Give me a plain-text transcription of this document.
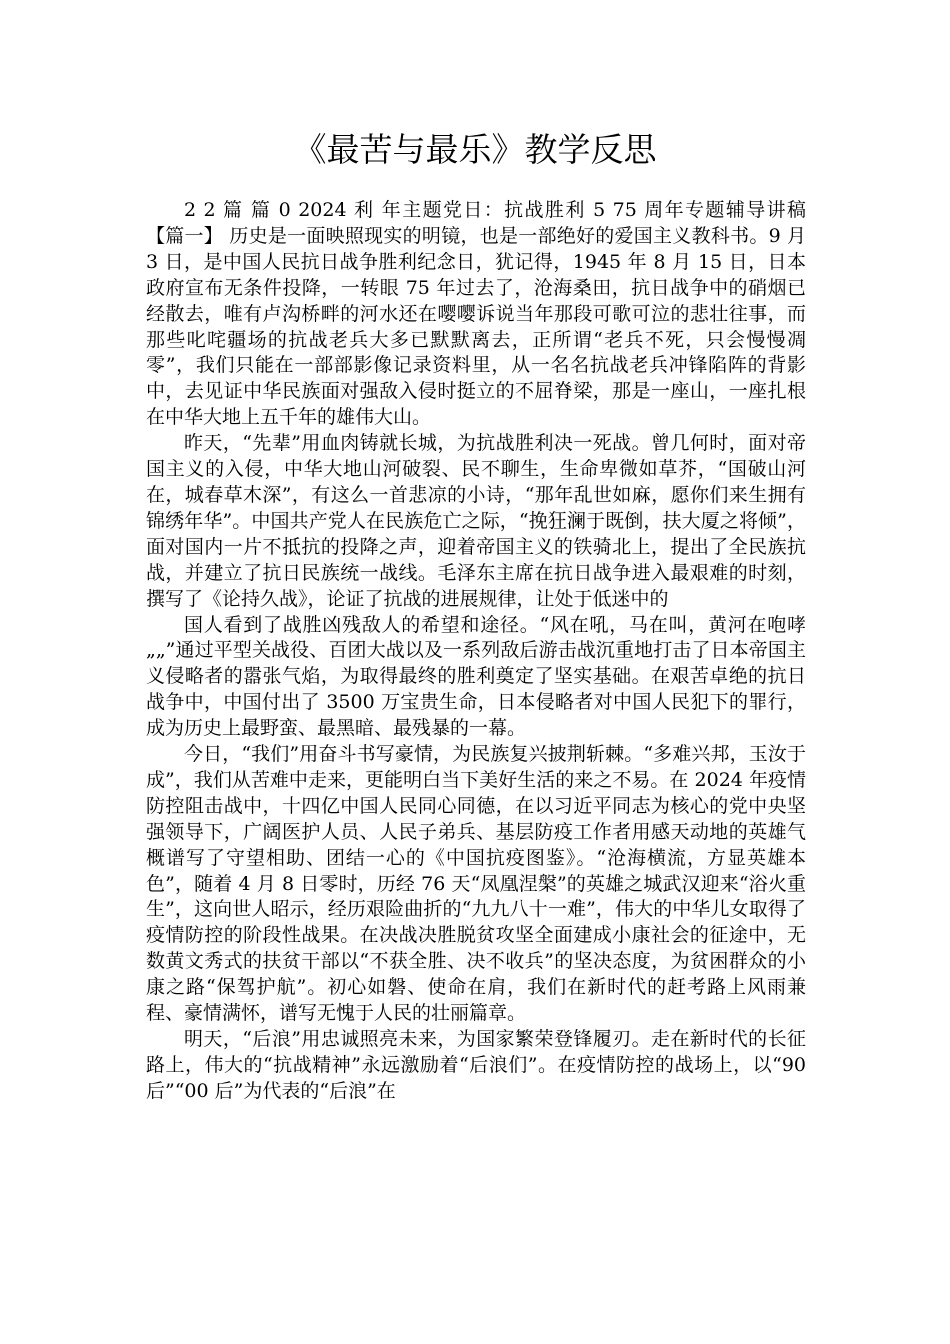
《最苦与最乐》教学反思

2 2 篇 篇 0 2024 利 年主题党日：抗战胜利 5 75 周年专题辅导讲稿　【篇一】 历史是一面映照现实的明镜，也是一部绝好的爱国主义教科书。9 月 3 日，是中国人民抗日战争胜利纪念日，犹记得，1945 年 8 月 15 日，日本政府宣布无条件投降，一转眼 75 年过去了，沧海桑田，抗日战争中的硝烟已经散去，唯有卢沟桥畔的河水还在嘤嘤诉说当年那段可歌可泣的悲壮往事，而那些叱咤疆场的抗战老兵大多已默默离去，正所谓“老兵不死，只会慢慢凋零”，我们只能在一部部影像记录资料里，从一名名抗战老兵冲锋陷阵的背影中，去见证中华民族面对强敌入侵时挺立的不屈脊梁，那是一座山，一座扎根在中华大地上五千年的雄伟大山。

昨天，“先辈”用血肉铸就长城，为抗战胜利决一死战。曾几何时，面对帝国主义的入侵，中华大地山河破裂、民不聊生，生命卑微如草芥，“国破山河在，城春草木深”，有这么一首悲凉的小诗，“那年乱世如麻，愿你们来生拥有锦绣年华”。中国共产党人在民族危亡之际，“挽狂澜于既倒，扶大厦之将倾”，面对国内一片不抵抗的投降之声，迎着帝国主义的铁骑北上，提出了全民族抗战，并建立了抗日民族统一战线。毛泽东主席在抗日战争进入最艰难的时刻，撰写了《论持久战》，论证了抗战的进展规律，让处于低迷中的

国人看到了战胜凶残敌人的希望和途径。“风在吼，马在叫，黄河在咆哮„„”通过平型关战役、百团大战以及一系列敌后游击战沉重地打击了日本帝国主义侵略者的嚣张气焰，为取得最终的胜利奠定了坚实基础。在艰苦卓绝的抗日战争中，中国付出了 3500 万宝贵生命，日本侵略者对中国人民犯下的罪行，成为历史上最野蛮、最黑暗、最残暴的一幕。

今日，“我们”用奋斗书写豪情，为民族复兴披荆斩棘。“多难兴邦，玉汝于成”，我们从苦难中走来，更能明白当下美好生活的来之不易。在 2024 年疫情防控阻击战中，十四亿中国人民同心同德，在以习近平同志为核心的党中央坚强领导下，广阔医护人员、人民子弟兵、基层防疫工作者用感天动地的英雄气概谱写了守望相助、团结一心的《中国抗疫图鉴》。“沧海横流，方显英雄本色”，随着 4 月 8 日零时，历经 76 天“凤凰涅槃”的英雄之城武汉迎来“浴火重生”，这向世人昭示，经历艰险曲折的“九九八十一难”，伟大的中华儿女取得了疫情防控的阶段性战果。在决战决胜脱贫攻坚全面建成小康社会的征途中，无数黄文秀式的扶贫干部以“不获全胜、决不收兵”的坚决态度，为贫困群众的小康之路“保驾护航”。初心如磐、使命在肩，我们在新时代的赶考路上风雨兼程、豪情满怀，谱写无愧于人民的壮丽篇章。

明天，“后浪”用忠诚照亮未来，为国家繁荣登锋履刃。走在新时代的长征路上，伟大的“抗战精神”永远激励着“后浪们”。在疫情防控的战场上，以“90 后”“00 后”为代表的“后浪”在
